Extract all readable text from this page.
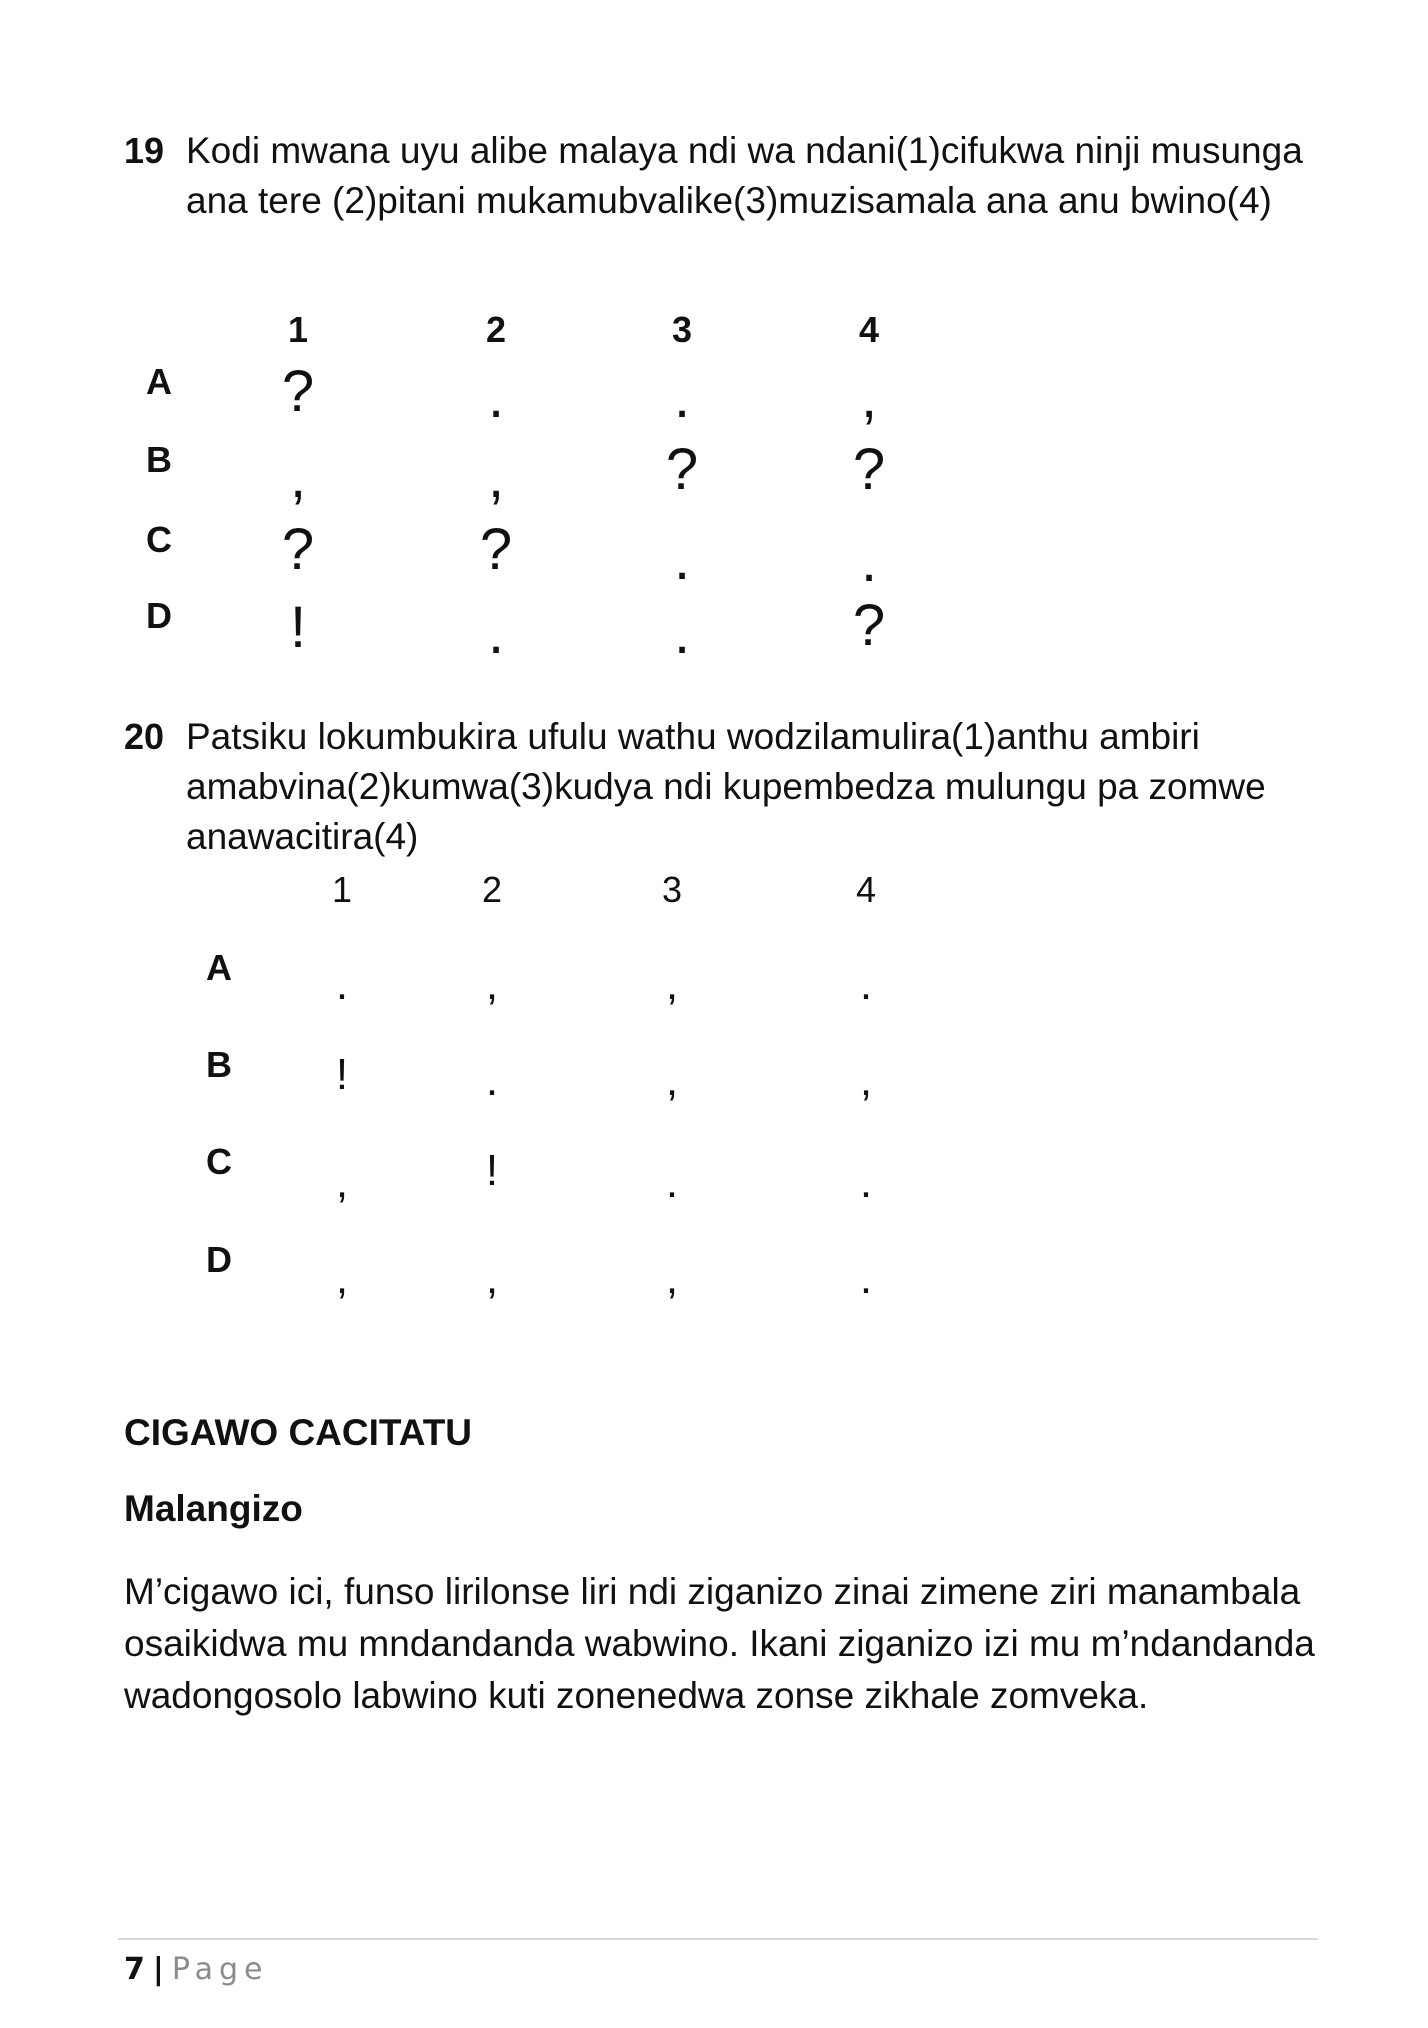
19 Kodi mwana uyu alibe malaya ndi wa ndani(1)cifukwa ninji musunga ana tere (2)pitani mukamubvalike(3)muzisamala ana anu bwino(4)
1	2	3	4
A	?	.	.	,
B	,	,	?	?
C	?	?	.	.
D	!	.	.	?
20 Patsiku lokumbukira ufulu wathu wodzilamulira(1)anthu ambiri amabvina(2)kumwa(3)kudya ndi kupembedza mulungu pa zomwe anawacitira(4)
1	2	3	4
A	.	,	,	.
B	!	.	,	,
C	,	!	.	.
D	,	,	,	.
CIGAWO CACITATU
Malangizo
M’cigawo ici, funso lirilonse liri ndi ziganizo zinai zimene ziri manambala osaikidwa mu mndandanda wabwino. Ikani ziganizo izi mu m’ndandanda wadongosolo labwino kuti zonenedwa zonse zikhale zomveka.
7 | Page
